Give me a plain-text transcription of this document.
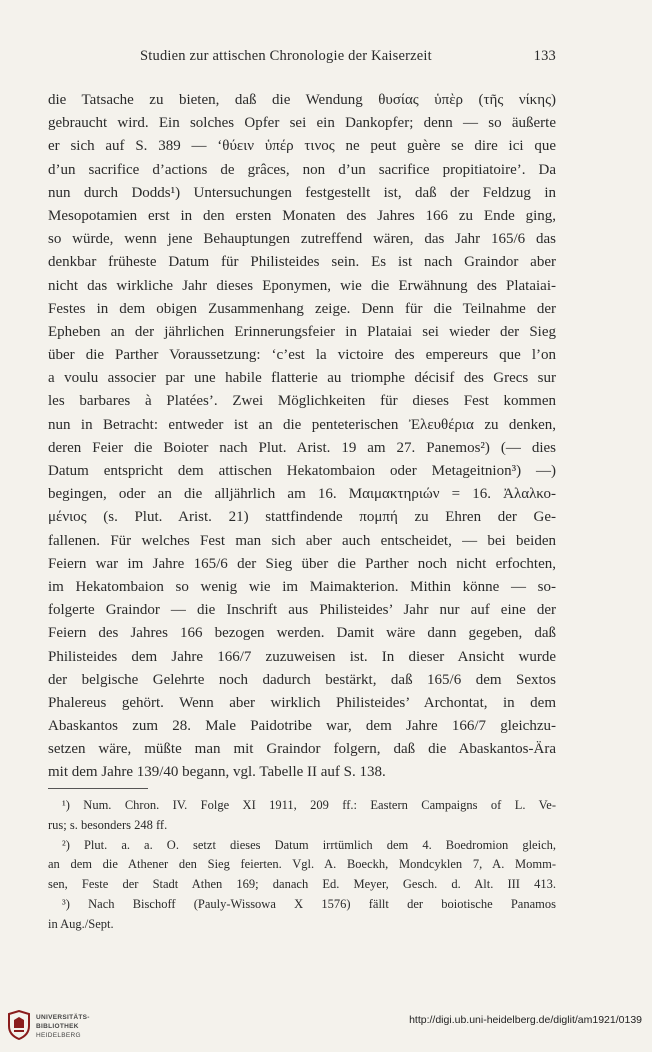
Studien zur attischen Chronologie der Kaiserzeit	133
die Tatsache zu bieten, daß die Wendung θυσίας ὑπὲρ (τῆς νίκης)
gebraucht wird. Ein solches Opfer sei ein Dankopfer; denn — so äußerte
er sich auf S. 389 — ‘θύειν ὑπέρ τινος ne peut guère se dire ici que
d’un sacrifice d’actions de grâces, non d’un sacrifice propitiatoire’. Da
nun durch Dodds¹) Untersuchungen festgestellt ist, daß der Feldzug in
Mesopotamien erst in den ersten Monaten des Jahres 166 zu Ende ging,
so würde, wenn jene Behauptungen zutreffend wären, das Jahr 165/6 das
denkbar früheste Datum für Philisteides sein. Es ist nach Graindor aber
nicht das wirkliche Jahr dieses Eponymen, wie die Erwähnung des Plataiai-
Festes in dem obigen Zusammenhang zeige. Denn für die Teilnahme der
Epheben an der jährlichen Erinnerungsfeier in Plataiai sei wieder der Sieg
über die Parther Voraussetzung: ‘c’est la victoire des empereurs que l’on
a voulu associer par une habile flatterie au triomphe décisif des Grecs sur
les barbares à Platées’. Zwei Möglichkeiten für dieses Fest kommen
nun in Betracht: entweder ist an die penteterischen Ἐλευθέρια zu denken,
deren Feier die Boioter nach Plut. Arist. 19 am 27. Panemos²) (— dies
Datum entspricht dem attischen Hekatombaion oder Metageitnion³) —)
begingen, oder an die alljährlich am 16. Μαιμακτηριών = 16. Ἀλαλκο-
μένιος (s. Plut. Arist. 21) stattfindende πομπή zu Ehren der Ge-
fallenen. Für welches Fest man sich aber auch entscheidet, — bei beiden
Feiern war im Jahre 165/6 der Sieg über die Parther noch nicht erfochten,
im Hekatombaion so wenig wie im Maimakterion. Mithin könne — so-
folgerte Graindor — die Inschrift aus Philisteides’ Jahr nur auf eine der
Feiern des Jahres 166 bezogen werden. Damit wäre dann gegeben, daß
Philisteides dem Jahre 166/7 zuzuweisen ist. In dieser Ansicht wurde
der belgische Gelehrte noch dadurch bestärkt, daß 165/6 dem Sextos
Phalereus gehört. Wenn aber wirklich Philisteides’ Archontat, in dem
Abaskantos zum 28. Male Paidotribe war, dem Jahre 166/7 gleichzu-
setzen wäre, müßte man mit Graindor folgern, daß die Abaskantos-Ära
mit dem Jahre 139/40 begann, vgl. Tabelle II auf S. 138.
¹) Num. Chron. IV. Folge XI 1911, 209 ff.: Eastern Campaigns of L. Ve-
rus; s. besonders 248 ff.
²) Plut. a. a. O. setzt dieses Datum irrtümlich dem 4. Boedromion gleich,
an dem die Athener den Sieg feierten. Vgl. A. Boeckh, Mondcyklen 7, A. Momm-
sen, Feste der Stadt Athen 169; danach Ed. Meyer, Gesch. d. Alt. III 413.
³) Nach Bischoff (Pauly-Wissowa X 1576) fällt der boiotische Panamos
in Aug./Sept.
UNIVERSITÄTS-
BIBLIOTHEK
HEIDELBERG
http://digi.ub.uni-heidelberg.de/diglit/am1921/0139
